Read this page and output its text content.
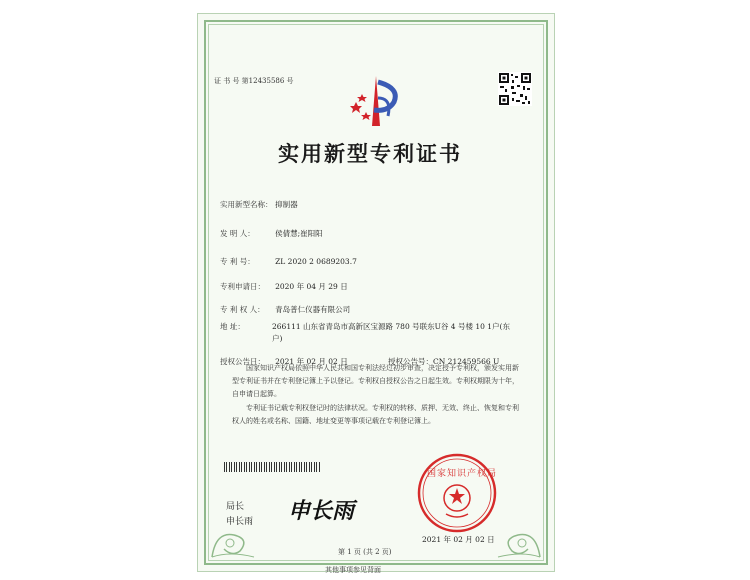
证 书 号 第12435586 号
实用新型专利证书
实用新型名称： 抑制器
发 明 人：	侯倩慧;崔阳阳
专 利 号：	ZL 2020 2 0689203.7
专利申请日： 2020 年 04 月 29 日
专 利 权 人： 青岛普仁仪器有限公司
地 址：	266111 山东省青岛市高新区宝源路 780 号联东U谷 4 号楼 10 1户(东户)
授权公告日： 2021 年 02 月 02 日	授权公告号：CN 212459566 U
国家知识产权局依照中华人民共和国专利法经过初步审查，决定授予专利权，颁发实用新型专利证书并在专利登记簿上予以登记。专利权自授权公告之日起生效。专利权期限为十年，自申请日起算。
专利证书记载专利权登记时的法律状况。专利权的转移、质押、无效、终止、恢复和专利权人的姓名或名称、国籍、地址变更等事项记载在专利登记簿上。
局长
申长雨 申长雨
国家知识产权局
2021 年 02 月 02 日
第 1 页 (共 2 页)
其他事项参见背面
